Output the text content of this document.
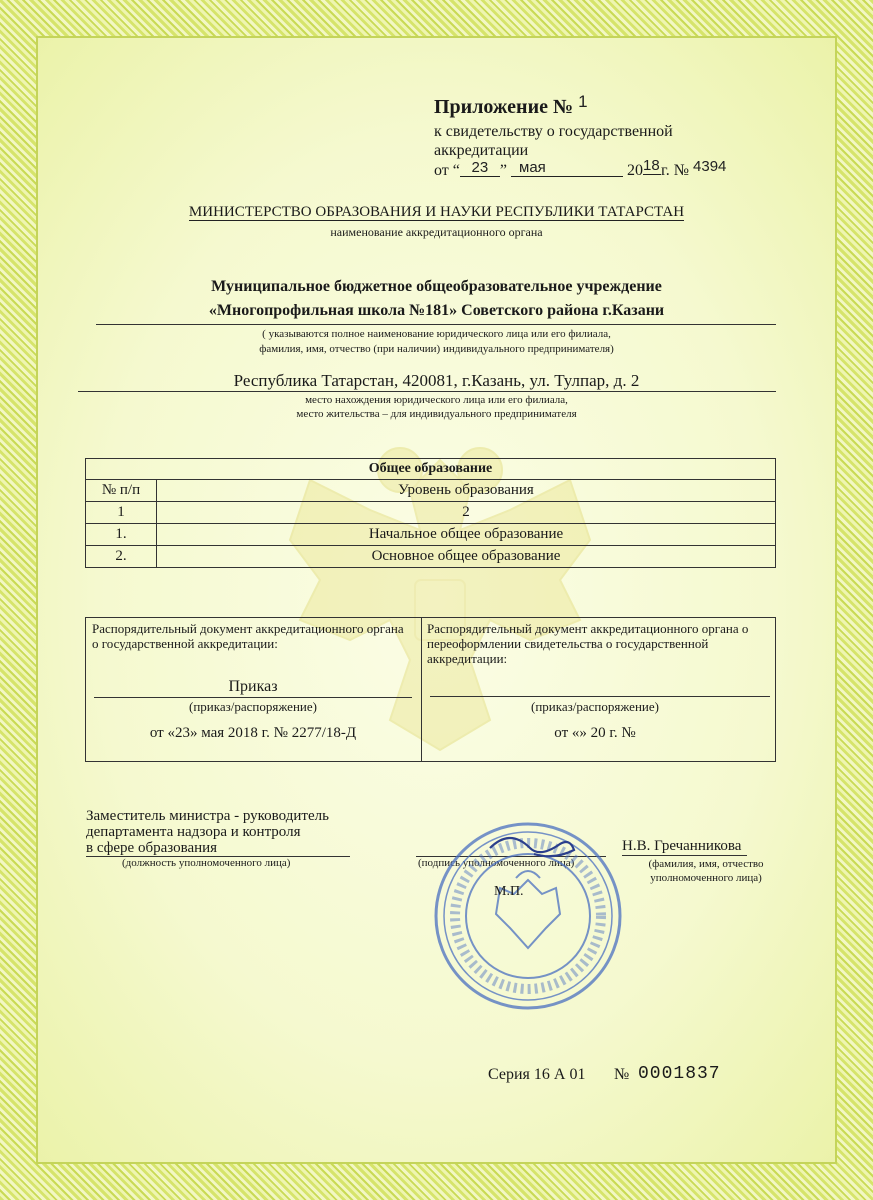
Приложение № $^1$
к свидетельству о государственной
аккредитации
от “ 23 ” мая	2018г. № 4394
МИНИСТЕРСТВО ОБРАЗОВАНИЯ И НАУКИ РЕСПУБЛИКИ ТАТАРСТАН
наименование аккредитационного органа
Муниципальное бюджетное общеобразовательное учреждение
«Многопрофильная школа №181» Советского района г.Казани
( указываются полное наименование юридического лица или его филиала,
фамилия, имя, отчество (при наличии) индивидуального предпринимателя)
Республика Татарстан, 420081, г.Казань, ул. Тулпар, д. 2
место нахождения юридического лица или его филиала,
место жительства – для индивидуального предпринимателя
Общее образование	
№ п/п	Уровень образования
1	2
1.	Начальное общее образование
2.	Основное общее образование
Распорядительный документ аккредитационного органа о государственной аккредитации:
Приказ
(приказ/распоряжение)
от «23» мая 2018 г. № 2277/18-Д
Распорядительный документ аккредитационного органа о переоформлении свидетельства о государственной аккредитации:
(приказ/распоряжение)
от «» 20 г. №
Заместитель министра - руководитель
департамента надзора и контроля
в сфере образования
(должность уполномоченного лица)	(подпись уполномоченного лица)
Н.В. Гречанникова
(фамилия, имя, отчество
уполномоченного лица)
М.П.
Серия 16 А 01 № 0001837
